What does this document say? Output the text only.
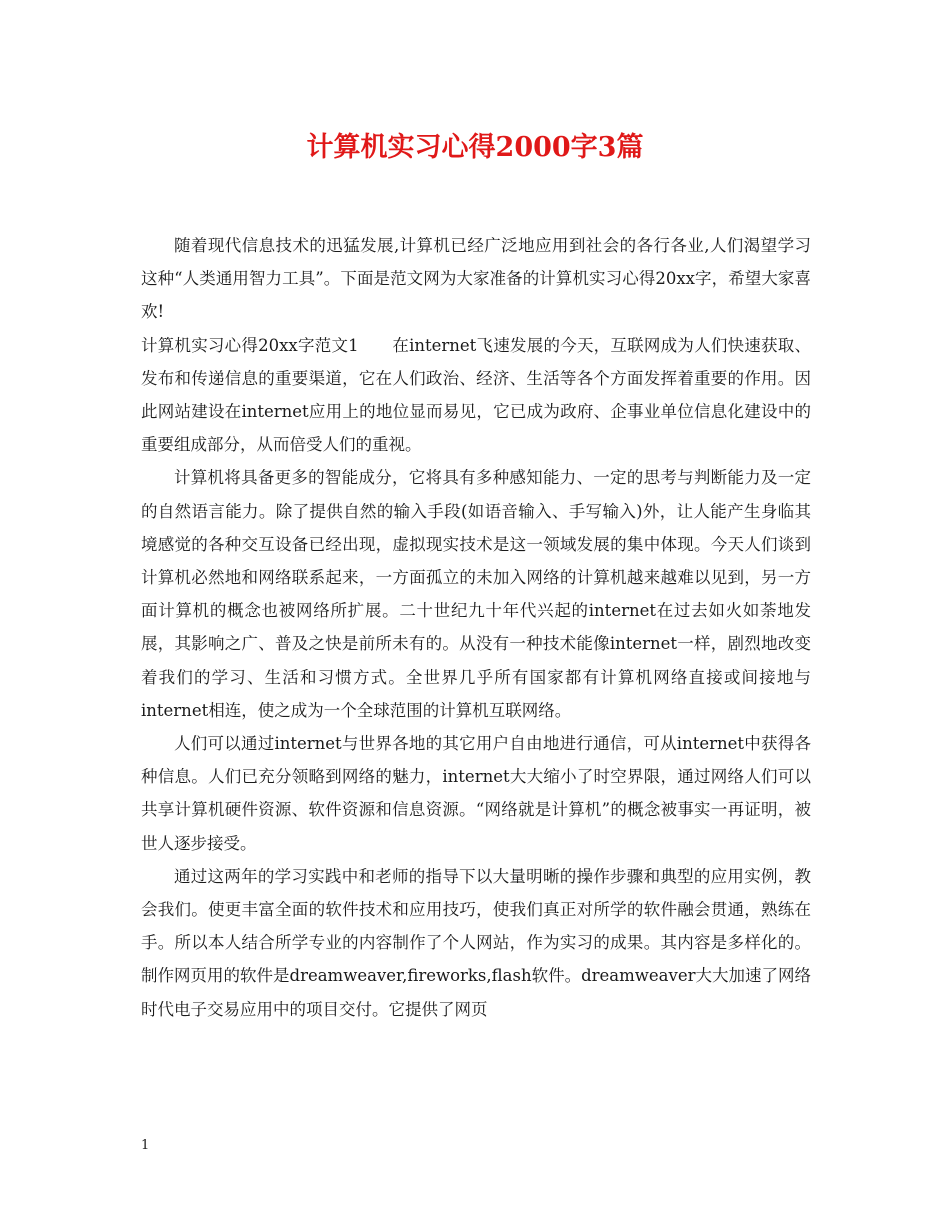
计算机实习心得2000字3篇

随着现代信息技术的迅猛发展,计算机已经广泛地应用到社会的各行各业,人们渴望学习这种“人类通用智力工具”。下面是范文网为大家准备的计算机实习心得20xx字，希望大家喜欢!

计算机实习心得20xx字范文1　　在internet飞速发展的今天，互联网成为人们快速获取、发布和传递信息的重要渠道，它在人们政治、经济、生活等各个方面发挥着重要的作用。因此网站建设在internet应用上的地位显而易见，它已成为政府、企事业单位信息化建设中的重要组成部分，从而倍受人们的重视。

计算机将具备更多的智能成分，它将具有多种感知能力、一定的思考与判断能力及一定的自然语言能力。除了提供自然的输入手段(如语音输入、手写输入)外，让人能产生身临其境感觉的各种交互设备已经出现，虚拟现实技术是这一领域发展的集中体现。今天人们谈到计算机必然地和网络联系起来，一方面孤立的未加入网络的计算机越来越难以见到，另一方面计算机的概念也被网络所扩展。二十世纪九十年代兴起的internet在过去如火如荼地发展，其影响之广、普及之快是前所未有的。从没有一种技术能像internet一样，剧烈地改变着我们的学习、生活和习惯方式。全世界几乎所有国家都有计算机网络直接或间接地与internet相连，使之成为一个全球范围的计算机互联网络。

人们可以通过internet与世界各地的其它用户自由地进行通信，可从internet中获得各种信息。人们已充分领略到网络的魅力，internet大大缩小了时空界限，通过网络人们可以共享计算机硬件资源、软件资源和信息资源。“网络就是计算机”的概念被事实一再证明，被世人逐步接受。

通过这两年的学习实践中和老师的指导下以大量明晰的操作步骤和典型的应用实例，教会我们。使更丰富全面的软件技术和应用技巧，使我们真正对所学的软件融会贯通，熟练在手。所以本人结合所学专业的内容制作了个人网站，作为实习的成果。其内容是多样化的。制作网页用的软件是dreamweaver,fireworks,flash软件。dreamweaver大大加速了网络时代电子交易应用中的项目交付。它提供了网页

1
